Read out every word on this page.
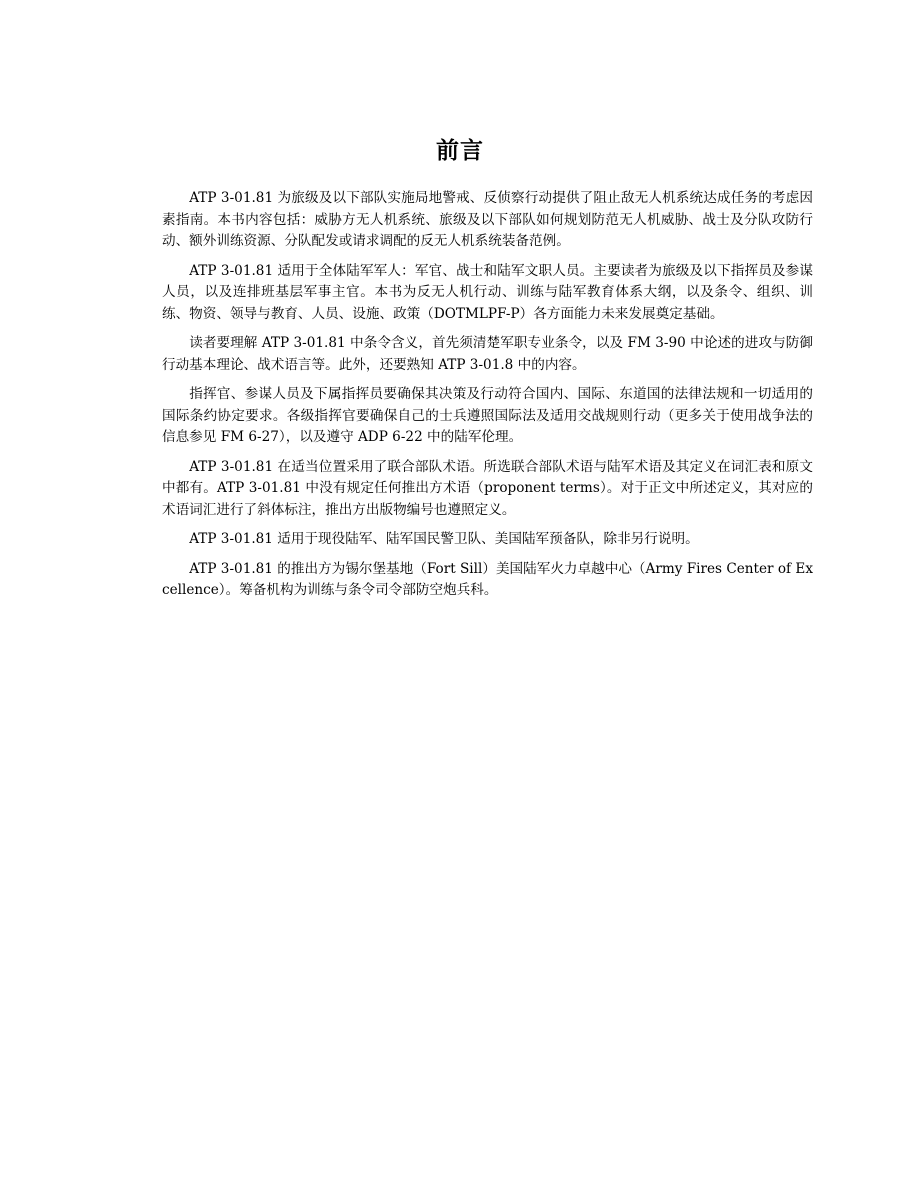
前言

ATP 3-01.81 为旅级及以下部队实施局地警戒、反侦察行动提供了阻止敌无人机系统达成任务的考虑因素指南。本书内容包括：威胁方无人机系统、旅级及以下部队如何规划防范无人机威胁、战士及分队攻防行动、额外训练资源、分队配发或请求调配的反无人机系统装备范例。

ATP 3-01.81 适用于全体陆军军人：军官、战士和陆军文职人员。主要读者为旅级及以下指挥员及参谋人员，以及连排班基层军事主官。本书为反无人机行动、训练与陆军教育体系大纲，以及条令、组织、训练、物资、领导与教育、人员、设施、政策（DOTMLPF-P）各方面能力未来发展奠定基础。

读者要理解 ATP 3-01.81 中条令含义，首先须清楚军职专业条令，以及 FM 3-90 中论述的进攻与防御行动基本理论、战术语言等。此外，还要熟知 ATP 3-01.8 中的内容。

指挥官、参谋人员及下属指挥员要确保其决策及行动符合国内、国际、东道国的法律法规和一切适用的国际条约协定要求。各级指挥官要确保自己的士兵遵照国际法及适用交战规则行动（更多关于使用战争法的信息参见 FM 6-27），以及遵守 ADP 6-22 中的陆军伦理。

ATP 3-01.81 在适当位置采用了联合部队术语。所选联合部队术语与陆军术语及其定义在词汇表和原文中都有。ATP 3-01.81 中没有规定任何推出方术语（proponent terms）。对于正文中所述定义，其对应的术语词汇进行了斜体标注，推出方出版物编号也遵照定义。

ATP 3-01.81 适用于现役陆军、陆军国民警卫队、美国陆军预备队，除非另行说明。

ATP 3-01.81 的推出方为锡尔堡基地（Fort Sill）美国陆军火力卓越中心（Army Fires Center of Excellence）。筹备机构为训练与条令司令部防空炮兵科。
